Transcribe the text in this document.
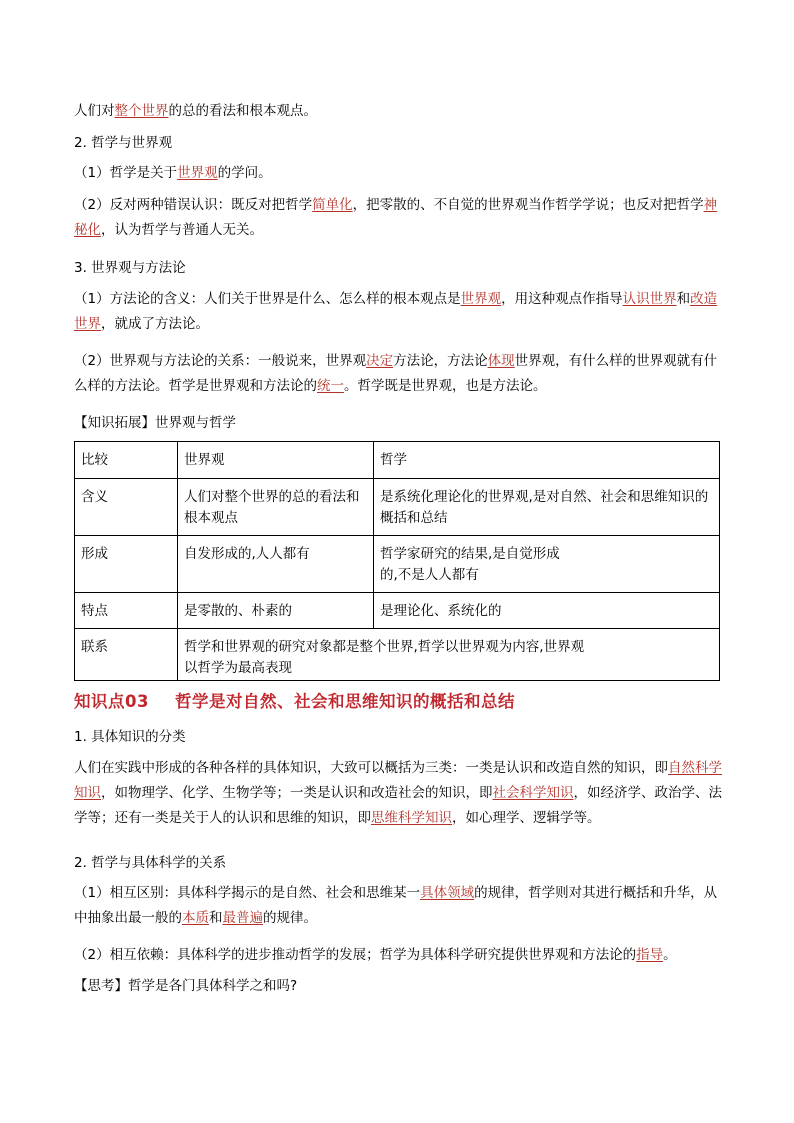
人们对整个世界的总的看法和根本观点。

2. 哲学与世界观

（1）哲学是关于世界观的学问。

（2）反对两种错误认识：既反对把哲学简单化，把零散的、不自觉的世界观当作哲学学说；也反对把哲学神秘化，认为哲学与普通人无关。

3. 世界观与方法论

（1）方法论的含义：人们关于世界是什么、怎么样的根本观点是世界观，用这种观点作指导认识世界和改造世界，就成了方法论。

（2）世界观与方法论的关系：一般说来，世界观决定方法论，方法论体现世界观，有什么样的世界观就有什么样的方法论。哲学是世界观和方法论的统一。哲学既是世界观，也是方法论。

【知识拓展】世界观与哲学

比较	世界观	哲学
含义	人们对整个世界的总的看法和根本观点	是系统化理论化的世界观,是对自然、社会和思维知识的概括和总结
形成	自发形成的,人人都有	哲学家研究的结果,是自觉形成的,不是人人都有
特点	是零散的、朴素的	是理论化、系统化的
联系	哲学和世界观的研究对象都是整个世界,哲学以世界观为内容,世界观以哲学为最高表现	
知识点03 哲学是对自然、社会和思维知识的概括和总结

1. 具体知识的分类

人们在实践中形成的各种各样的具体知识，大致可以概括为三类：一类是认识和改造自然的知识，即自然科学知识，如物理学、化学、生物学等；一类是认识和改造社会的知识，即社会科学知识，如经济学、政治学、法学等；还有一类是关于人的认识和思维的知识，即思维科学知识，如心理学、逻辑学等。

2. 哲学与具体科学的关系

（1）相互区别：具体科学揭示的是自然、社会和思维某一具体领域的规律，哲学则对其进行概括和升华，从中抽象出最一般的本质和最普遍的规律。

（2）相互依赖：具体科学的进步推动哲学的发展；哲学为具体科学研究提供世界观和方法论的指导。

【思考】哲学是各门具体科学之和吗?
